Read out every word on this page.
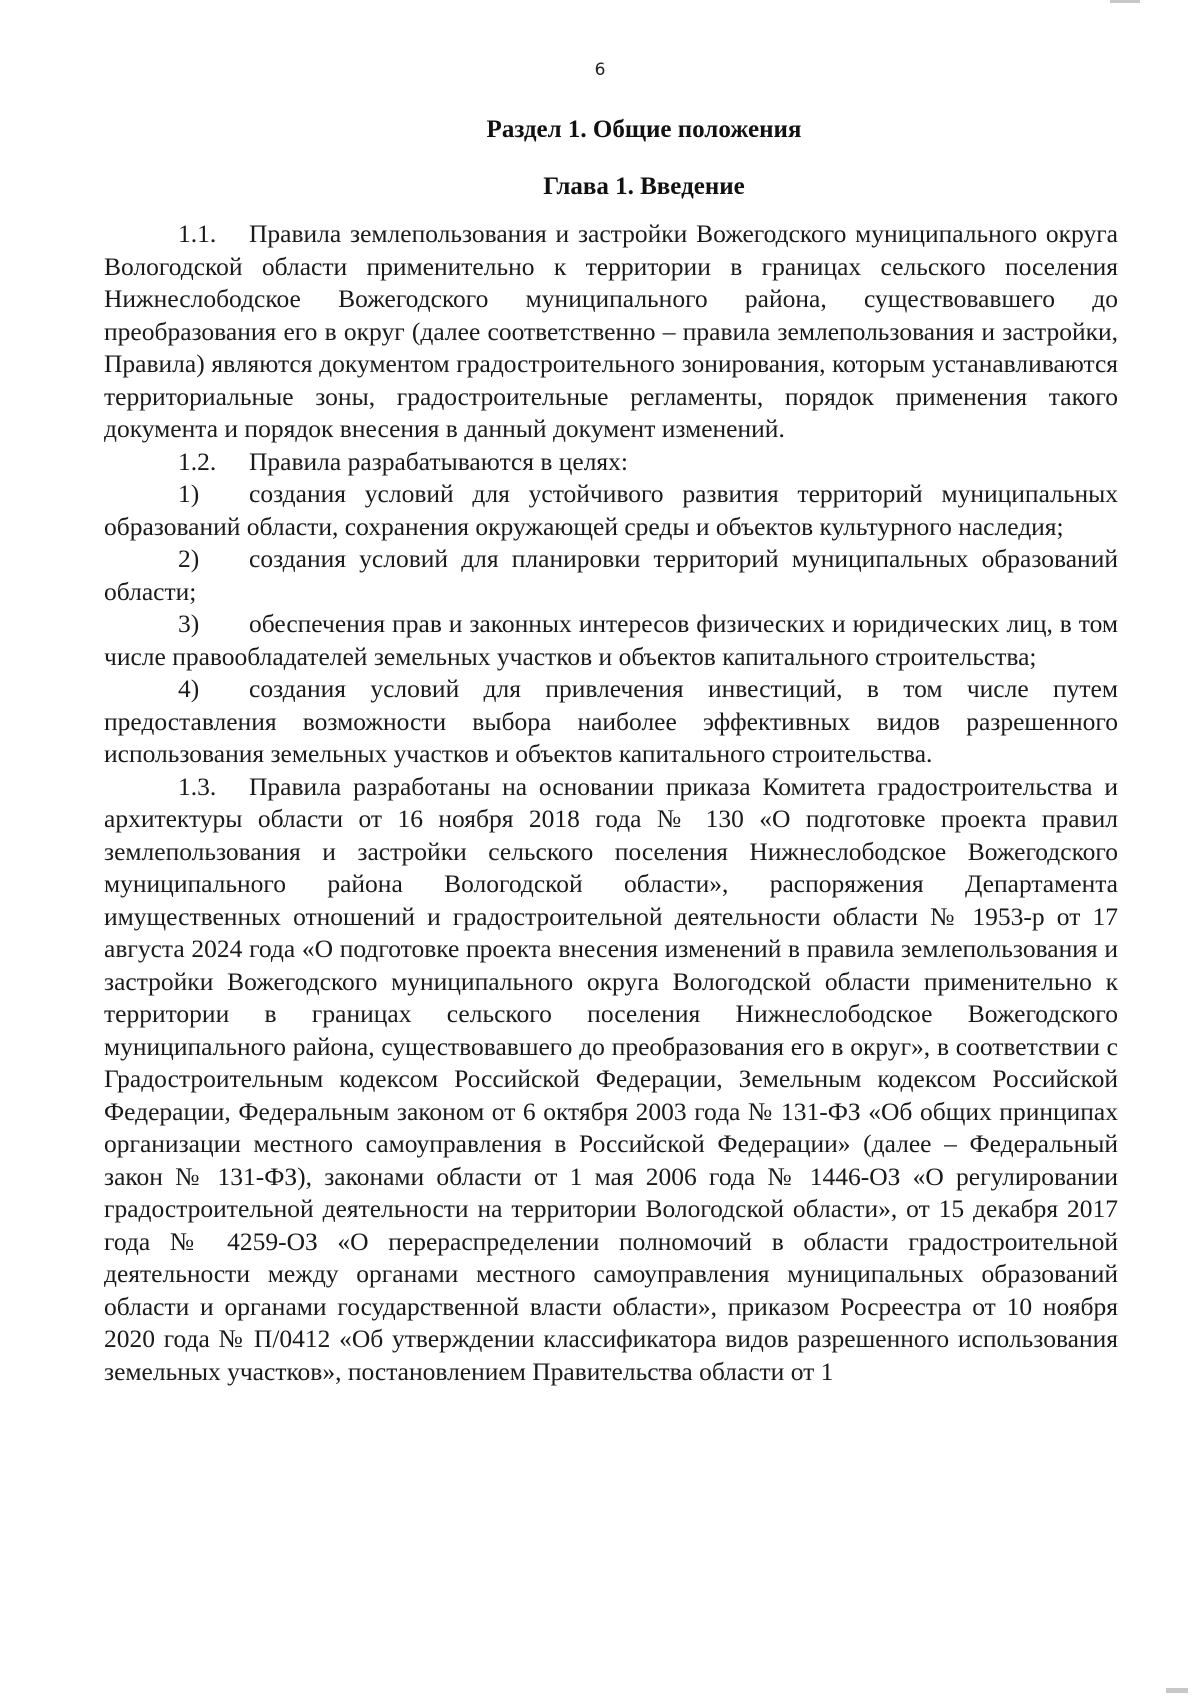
6
Раздел 1. Общие положения
Глава 1. Введение

1.1. Правила землепользования и застройки Вожегодского муниципального округа Вологодской области применительно к территории в границах сельского поселения Нижнеслободское Вожегодского муниципального района, существовавшего до преобразования его в округ (далее соответственно – правила землепользования и застройки, Правила) являются документом градостроительного зонирования, которым устанавливаются территориальные зоны, градостроительные регламенты, порядок применения такого документа и порядок внесения в данный документ изменений.

1.2. Правила разрабатываются в целях:

1) создания условий для устойчивого развития территорий муниципальных образований области, сохранения окружающей среды и объектов культурного наследия;

2) создания условий для планировки территорий муниципальных образований области;

3) обеспечения прав и законных интересов физических и юридических лиц, в том числе правообладателей земельных участков и объектов капитального строительства;

4) создания условий для привлечения инвестиций, в том числе путем предоставления возможности выбора наиболее эффективных видов разрешенного использования земельных участков и объектов капитального строительства.

1.3. Правила разработаны на основании приказа Комитета градостроительства и архитектуры области от 16 ноября 2018 года № 130 «О подготовке проекта правил землепользования и застройки сельского поселения Нижнеслободское Вожегодского муниципального района Вологодской области», распоряжения Департамента имущественных отношений и градостроительной деятельности области № 1953-р от 17 августа 2024 года «О подготовке проекта внесения изменений в правила землепользования и застройки Вожегодского муниципального округа Вологодской области применительно к территории в границах сельского поселения Нижнеслободское Вожегодского муниципального района, существовавшего до преобразования его в округ», в соответствии с Градостроительным кодексом Российской Федерации, Земельным кодексом Российской Федерации, Федеральным законом от 6 октября 2003 года № 131-ФЗ «Об общих принципах организации местного самоуправления в Российской Федерации» (далее – Федеральный закон № 131-ФЗ), законами области от 1 мая 2006 года № 1446-ОЗ «О регулировании градостроительной деятельности на территории Вологодской области», от 15 декабря 2017 года № 4259-ОЗ «О перераспределении полномочий в области градостроительной деятельности между органами местного самоуправления муниципальных образований области и органами государственной власти области», приказом Росреестра от 10 ноября 2020 года № П/0412 «Об утверждении классификатора видов разрешенного использования земельных участков», постановлением Правительства области от 1
